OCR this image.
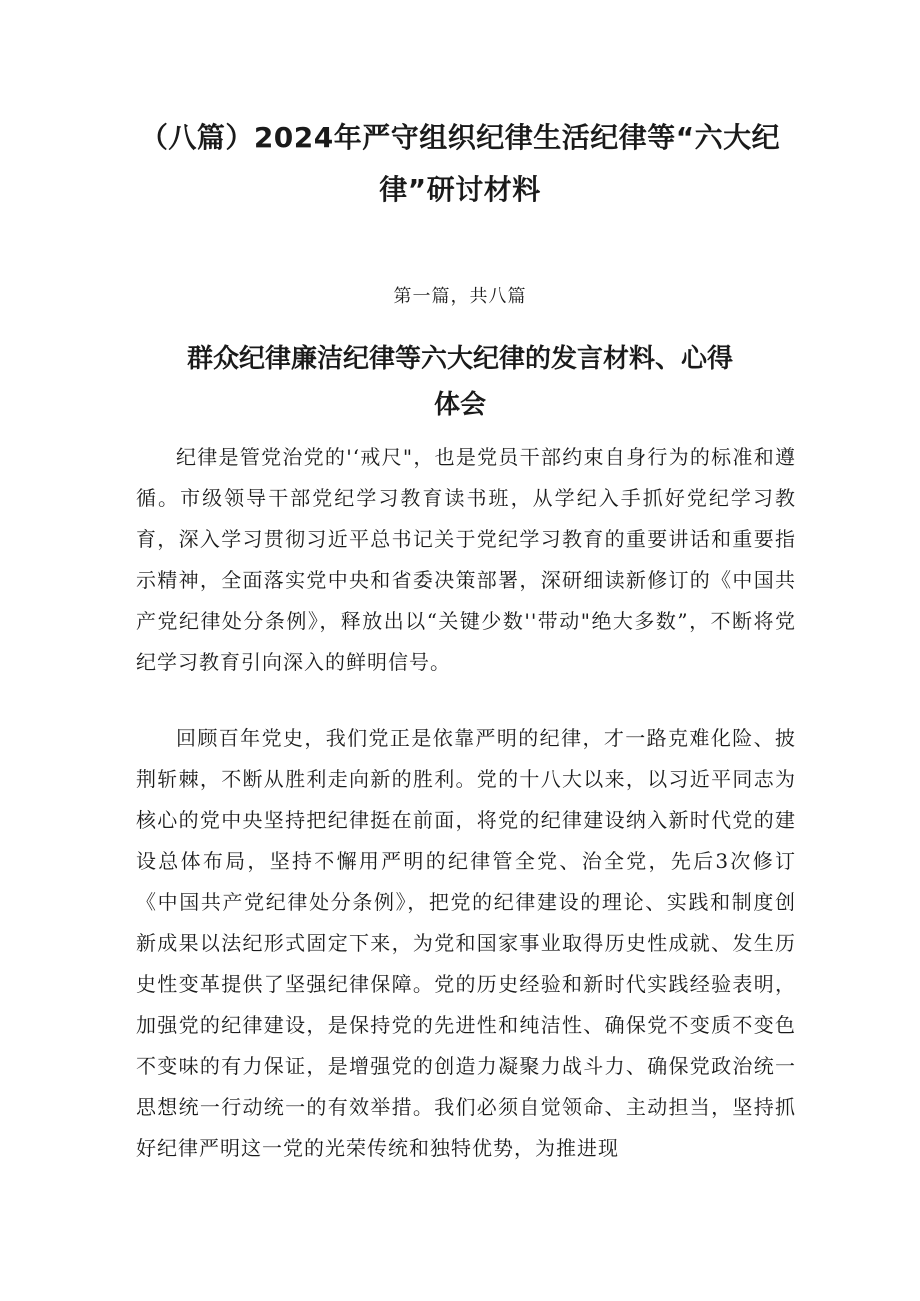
（八篇）2024年严守组织纪律生活纪律等“六大纪律”研讨材料

第一篇，共八篇

群众纪律廉洁纪律等六大纪律的发言材料、心得体会

纪律是管党治党的'‘戒尺"，也是党员干部约束自身行为的标准和遵循。市级领导干部党纪学习教育读书班，从学纪入手抓好党纪学习教育，深入学习贯彻习近平总书记关于党纪学习教育的重要讲话和重要指示精神，全面落实党中央和省委决策部署，深研细读新修订的《中国共产党纪律处分条例》，释放出以“关键少数''带动"绝大多数”，不断将党纪学习教育引向深入的鲜明信号。

回顾百年党史，我们党正是依靠严明的纪律，才一路克难化险、披荆斩棘，不断从胜利走向新的胜利。党的十八大以来，以习近平同志为核心的党中央坚持把纪律挺在前面，将党的纪律建设纳入新时代党的建设总体布局，坚持不懈用严明的纪律管全党、治全党，先后3次修订《中国共产党纪律处分条例》，把党的纪律建设的理论、实践和制度创新成果以法纪形式固定下来，为党和国家事业取得历史性成就、发生历史性变革提供了坚强纪律保障。党的历史经验和新时代实践经验表明，加强党的纪律建设，是保持党的先进性和纯洁性、确保党不变质不变色不变味的有力保证，是增强党的创造力凝聚力战斗力、确保党政治统一思想统一行动统一的有效举措。我们必须自觉领命、主动担当，坚持抓好纪律严明这一党的光荣传统和独特优势，为推进现
